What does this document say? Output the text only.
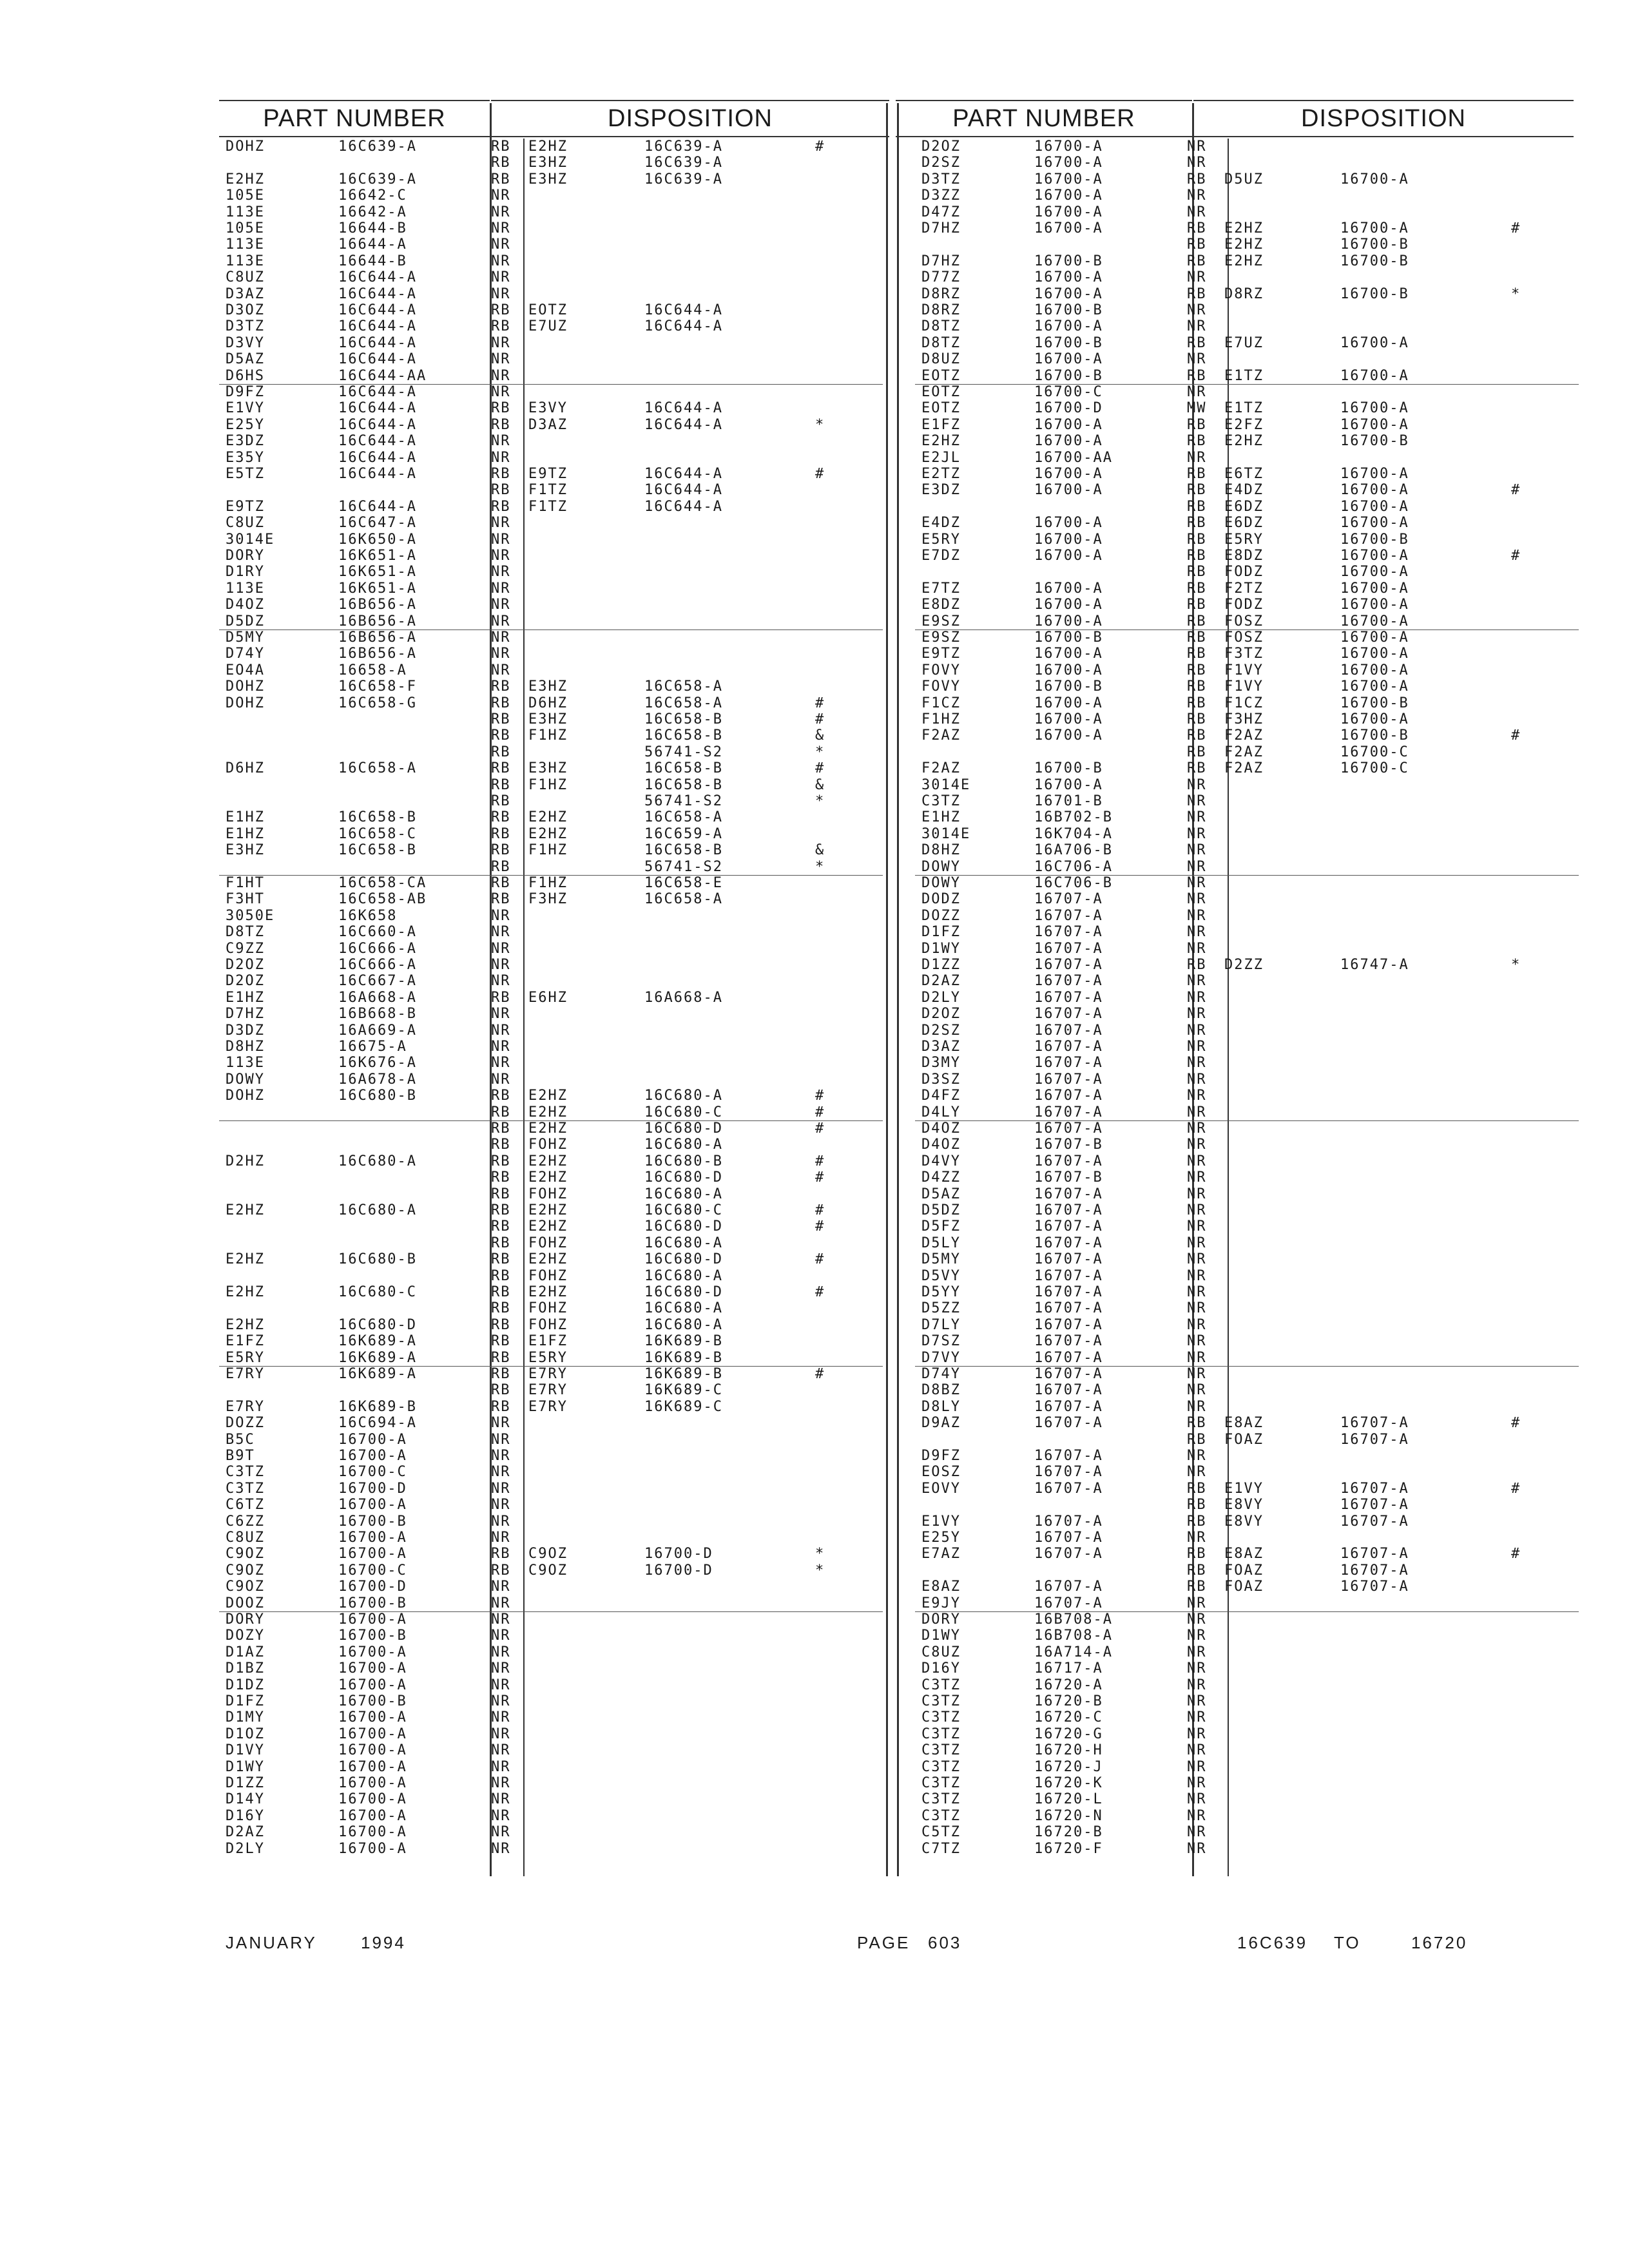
PART NUMBER	DISPOSITION	PART NUMBER	DISPOSITION
DOHZ	16C639-A	RB E2HZ	16C639-A	#
RB E3HZ	16C639-A
E2HZ	16C639-A	RB E3HZ	16C639-A
105E	16642-C	NR
113E	16642-A	NR
105E	16644-B	NR
113E	16644-A	NR
113E	16644-B	NR
C8UZ	16C644-A	NR
D3AZ	16C644-A	NR
D3OZ	16C644-A	RB EOTZ	16C644-A
D3TZ	16C644-A	RB E7UZ	16C644-A
D3VY	16C644-A	NR
D5AZ	16C644-A	NR
D6HS	16C644-AA	NR
D9FZ	16C644-A	NR
E1VY	16C644-A	RB E3VY	16C644-A
E25Y	16C644-A	RB D3AZ	16C644-A	*
E3DZ	16C644-A	NR
E35Y	16C644-A	NR
E5TZ	16C644-A	RB E9TZ	16C644-A	#
RB F1TZ	16C644-A
E9TZ	16C644-A	RB F1TZ	16C644-A
C8UZ	16C647-A	NR
3014E	16K650-A	NR
DORY	16K651-A	NR
D1RY	16K651-A	NR
113E	16K651-A	NR
D4OZ	16B656-A	NR
D5DZ	16B656-A	NR
D5MY	16B656-A	NR
D74Y	16B656-A	NR
EO4A	16658-A	NR
DOHZ	16C658-F	RB E3HZ	16C658-A
DOHZ	16C658-G	RB D6HZ	16C658-A	#
RB E3HZ	16C658-B	#
RB F1HZ	16C658-B	&
RB	56741-S2	*
D6HZ	16C658-A	RB E3HZ	16C658-B	#
RB F1HZ	16C658-B	&
RB	56741-S2	*
E1HZ	16C658-B	RB E2HZ	16C658-A
E1HZ	16C658-C	RB E2HZ	16C659-A
E3HZ	16C658-B	RB F1HZ	16C658-B	&
RB	56741-S2	*
F1HT	16C658-CA	RB F1HZ	16C658-E
F3HT	16C658-AB	RB F3HZ	16C658-A
3050E	16K658	NR
D8TZ	16C660-A	NR
C9ZZ	16C666-A	NR
D2OZ	16C666-A	NR
D2OZ	16C667-A	NR
E1HZ	16A668-A	RB E6HZ	16A668-A
D7HZ	16B668-B	NR
D3DZ	16A669-A	NR
D8HZ	16675-A	NR
113E	16K676-A	NR
DOWY	16A678-A	NR
DOHZ	16C680-B	RB E2HZ	16C680-A	#
RB E2HZ	16C680-C	#
RB E2HZ	16C680-D	#
RB FOHZ	16C680-A
D2HZ	16C680-A	RB E2HZ	16C680-B	#
RB E2HZ	16C680-D	#
RB FOHZ	16C680-A
E2HZ	16C680-A	RB E2HZ	16C680-C	#
RB E2HZ	16C680-D	#
RB FOHZ	16C680-A
E2HZ	16C680-B	RB E2HZ	16C680-D	#
RB FOHZ	16C680-A
E2HZ	16C680-C	RB E2HZ	16C680-D	#
RB FOHZ	16C680-A
E2HZ	16C680-D	RB FOHZ	16C680-A
E1FZ	16K689-A	RB E1FZ	16K689-B
E5RY	16K689-A	RB E5RY	16K689-B
E7RY	16K689-A	RB E7RY	16K689-B	#
RB E7RY	16K689-C
E7RY	16K689-B	RB E7RY	16K689-C
DOZZ	16C694-A	NR
B5C	16700-A	NR
B9T	16700-A	NR
C3TZ	16700-C	NR
C3TZ	16700-D	NR
C6TZ	16700-A	NR
C6ZZ	16700-B	NR
C8UZ	16700-A	NR
C9OZ	16700-A	RB C9OZ	16700-D	*
C9OZ	16700-C	RB C9OZ	16700-D	*
C9OZ	16700-D	NR
DOOZ	16700-B	NR
DORY	16700-A	NR
DOZY	16700-B	NR
D1AZ	16700-A	NR
D1BZ	16700-A	NR
D1DZ	16700-A	NR
D1FZ	16700-B	NR
D1MY	16700-A	NR
D1OZ	16700-A	NR
D1VY	16700-A	NR
D1WY	16700-A	NR
D1ZZ	16700-A	NR
D14Y	16700-A	NR
D16Y	16700-A	NR
D2AZ	16700-A	NR
D2LY	16700-A	NR
D2OZ	16700-A	NR
D2SZ	16700-A	NR
D3TZ	16700-A	RB D5UZ	16700-A
D3ZZ	16700-A	NR
D47Z	16700-A	NR
D7HZ	16700-A	RB E2HZ	16700-A	#
RB E2HZ	16700-B
D7HZ	16700-B	RB E2HZ	16700-B
D77Z	16700-A	NR
D8RZ	16700-A	RB D8RZ	16700-B	*
D8RZ	16700-B	NR
D8TZ	16700-A	NR
D8TZ	16700-B	RB E7UZ	16700-A
D8UZ	16700-A	NR
EOTZ	16700-B	RB E1TZ	16700-A
EOTZ	16700-C	NR
EOTZ	16700-D	MW E1TZ	16700-A
E1FZ	16700-A	RB E2FZ	16700-A
E2HZ	16700-A	RB E2HZ	16700-B
E2JL	16700-AA	NR
E2TZ	16700-A	RB E6TZ	16700-A
E3DZ	16700-A	RB E4DZ	16700-A	#
RB E6DZ	16700-A
E4DZ	16700-A	RB E6DZ	16700-A
E5RY	16700-A	RB E5RY	16700-B
E7DZ	16700-A	RB E8DZ	16700-A	#
RB FODZ	16700-A
E7TZ	16700-A	RB F2TZ	16700-A
E8DZ	16700-A	RB FODZ	16700-A
E9SZ	16700-A	RB FOSZ	16700-A
E9SZ	16700-B	RB FOSZ	16700-A
E9TZ	16700-A	RB F3TZ	16700-A
FOVY	16700-A	RB F1VY	16700-A
FOVY	16700-B	RB F1VY	16700-A
F1CZ	16700-A	RB F1CZ	16700-B
F1HZ	16700-A	RB F3HZ	16700-A
F2AZ	16700-A	RB F2AZ	16700-B	#
RB F2AZ	16700-C
F2AZ	16700-B	RB F2AZ	16700-C
3014E	16700-A	NR
C3TZ	16701-B	NR
E1HZ	16B702-B	NR
3014E	16K704-A	NR
D8HZ	16A706-B	NR
DOWY	16C706-A	NR
DOWY	16C706-B	NR
DODZ	16707-A	NR
DOZZ	16707-A	NR
D1FZ	16707-A	NR
D1WY	16707-A	NR
D1ZZ	16707-A	RB D2ZZ	16747-A	*
D2AZ	16707-A	NR
D2LY	16707-A	NR
D2OZ	16707-A	NR
D2SZ	16707-A	NR
D3AZ	16707-A	NR
D3MY	16707-A	NR
D3SZ	16707-A	NR
D4FZ	16707-A	NR
D4LY	16707-A	NR
D4OZ	16707-A	NR
D4OZ	16707-B	NR
D4VY	16707-A	NR
D4ZZ	16707-B	NR
D5AZ	16707-A	NR
D5DZ	16707-A	NR
D5FZ	16707-A	NR
D5LY	16707-A	NR
D5MY	16707-A	NR
D5VY	16707-A	NR
D5YY	16707-A	NR
D5ZZ	16707-A	NR
D7LY	16707-A	NR
D7SZ	16707-A	NR
D7VY	16707-A	NR
D74Y	16707-A	NR
D8BZ	16707-A	NR
D8LY	16707-A	NR
D9AZ	16707-A	RB E8AZ	16707-A	#
RB FOAZ	16707-A
D9FZ	16707-A	NR
EOSZ	16707-A	NR
EOVY	16707-A	RB E1VY	16707-A	#
RB E8VY	16707-A
E1VY	16707-A	RB E8VY	16707-A
E25Y	16707-A	NR
E7AZ	16707-A	RB E8AZ	16707-A	#
RB FOAZ	16707-A
E8AZ	16707-A	RB FOAZ	16707-A
E9JY	16707-A	NR
DORY	16B708-A	NR
D1WY	16B708-A	NR
C8UZ	16A714-A	NR
D16Y	16717-A	NR
C3TZ	16720-A	NR
C3TZ	16720-B	NR
C3TZ	16720-C	NR
C3TZ	16720-G	NR
C3TZ	16720-H	NR
C3TZ	16720-J	NR
C3TZ	16720-K	NR
C3TZ	16720-L	NR
C3TZ	16720-N	NR
C5TZ	16720-B	NR
C7TZ	16720-F	NR
JANUARY	1994	PAGE 603	16C639 TO	16720
